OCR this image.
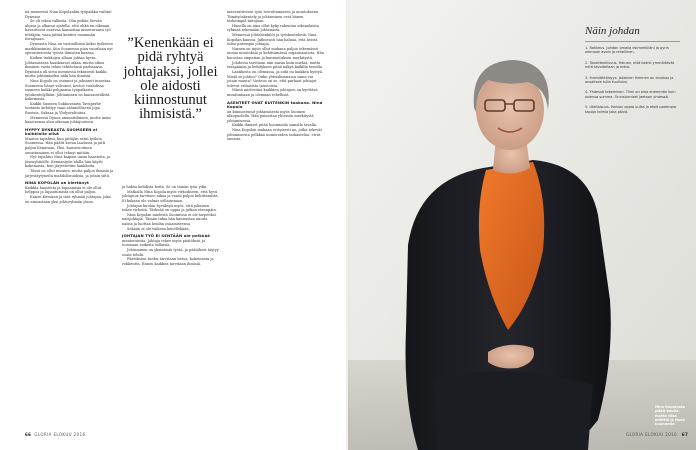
nä meneessä Nina Kopolankin työpaikka vaihtui Dynease.

Se oli oikea valkinta. Olin pitkän Sievän alussa ja alkanut ajatella, että ehkä en oikeaan havaittavat osaavaa kannattaa niinseuraava työ tehtäjiin, vaan jättää kenties enemmän tiivaijoaan.

Dyneasta Nina on vastuullinen keksi työkseen markkinoimisi. Siin Suomessa pian vuorilaan nyt operatiivisesta työstä ihmisten kanssa.

Kaiken tiukkojen allaan johtaa hyvin. Johtamisessa haaskaavat aikaa, mutta oikea ihminen vasta tekee tehtävänsä parhaansa. Dyneasta oli sieta mennessä teknisesti kaikki, mutta johtamiseksi näki hän ihmisiä.

Nina Kopola on osannut ja jaksanut innostaa. Suomessa hänet valvonut, kertoo vauhdissa saaneen kaikki pohjaansa työpaikasta työskentelyllään. Johtaminen on kansainvälistä kokemusta.

Kaikki Suomen Sukkuvaarin Tavuperhe tuotanto kehittyy vaan säännöllisesti jopa Ruotsia, Saksaa ja Yhdysvaltoissa.

Mennessä Dynea ammattilainen, mutta meni haasteensa alan oikeaan johtajuuteen.

HYPPY DYNEASTA SUOMSEEN ei kaikkialle ollut

Muutos tapahtui, kun jättäjän astui työhön Suomessa. Hän päätti kovaa laadusta ja jätti paljon Kemiraan. Yksi, kuusivuotinen onnistuminen ei ollut tehnyt mitään.

Nyt tapahtui Nina kaipasi uusia haasteita, ja jäsenyhtiöille. Kemiantyön alalla hän käytti kokemusta, kun järjestettiin hankkeita.

Tässä on ollut muuten, mutta paljon ihmisiä ja järjestäytyneitä mahdollisuuksia, ja jotain siitä.

NINA KOPOLAN on kiertänyt

Kaikkia haasteita ja tapaamisia ei ole ollut helppoa ja lupautumista on ollut paljon.

Ennen Kemiran ja tätä ryhmää johtajan, joka on ainoastaan yksi johtoryhmän jäsen.

”Kenenkään ei pidä ryhtyä johtajaksi, jollei ole aidosti kiinnostunut ihmisistä.”

ja hakea kehdista heitä. Se on tämän työn ydin.

Matkalla Nina Kopola myös virkoikseen, että hyvä johtajuus tarvitsee aikaa ja vaatii paljon kehittämistä. Ei kukaan ole valmis sellaisenaan.

Johtajan kuuluu hyväksyä myös, että jokainen tekee virheitä. Tärkeää on oppia ja jatkaa eteenpäin.

Nina Kopolan mielestä Suomessa ei ole tarpeeksi naisjohtajia. Tämän takia hän kannustaa nuoria naisia ja luottaa heidän osaamiseensa.

Sekään ei ole vaikeaa kenellekään.

JOHTAJAN TYÖ EI SENTÄÄN ole pelkkää

mentorointia. Johtaja tekee myös päätöksiä, ja toisinaan vaikeita sellaisia.

Johtaminen on yksinäistä työtä, ja päätökset täytyy osata tehdä.

Päätöksien tueksi tarvitaan tietoa, kokemusta ja rohkeutta. Ennen kaikkea tarvitaan ihmisiä.

mäveratiivisen työn toteuttamiseen ja muutokseen. Tiimityöskentely ja johtaminen ovat hänen tärkeimpiä taitojaan.

Hänellä on aina ollut kyky rakentaa oikeanlaista ryhmää tekemään johtamista.

Mennessä johtohenkilöt ja työskentelevät Nina Kopolan kanssa. Jatkuvasti hän haluaa, että heistä tulee parempia johtajia.

Nainen on myös ollut mukana paljon tekemässä monia muutoksia ja kehittämässä organisaatiota. Hän korostaa empatian ja kunnioituksen merkitystä.

Johdossa tarvitaan niin naisia kuin miehiä, mutta tasapainon ja kehityksen pitää näkyä kaikilla tasoilla.

Laatikosta on olemassa, ja siitä on kaikkea hyötyä. Mistä se johtuu? Onko yhteiskunnassa sama vai jotain muuta? Vastaus on se, että parhaat johtajat tulevat erilaisista taustoista.

Nämä mielestäni kaikkien johtajien on kyettävä muuttumaan ja olemaan rehellisiä.

ASENTEET OVAT KUITENKIN taakana. Nina Kopola

on kiinnostunut johtamisesta myös Suomen ulkopuolella. Hän painottaa yhteisön merkitystä johtamisessa.

Kaikki ihmiset pitää huomioida samalla tavalla.

Nina Kopolan mukaan erityisesti ne, jotka tekevät johtamisesta pelkkää numeroiden tarkastelua, eivät onnistu.

66 GLORIA ELOKUU 2016
Näin johdan
1. Rohkeus. Johdan omalla esimerkilläni ja pyrin olemaan avoin ja rehellinen.
2. Tavoitteellisuus. Haluan, että kaikki ymmärtävät mitä tavoitellaan ja miksi.
3. Ihmislähtöisyys. Jokainen ihminen on arvokas ja ansaitsee tulla kuulluksi.
4. Yhdessä tekeminen. Tiimi on aina enemmän kuin osiensa summa. Onnistumiset jaetaan yhdessä.
5. Uteliaisuus. Haluan oppia uutta ja etsiä parempia tapoja toimia joka päivä.
Nina Kopolasta pitää kuulla, mutta tilaa miettiä ja itseä kuunnella.
GLORIA ELOKUU 2016 67
